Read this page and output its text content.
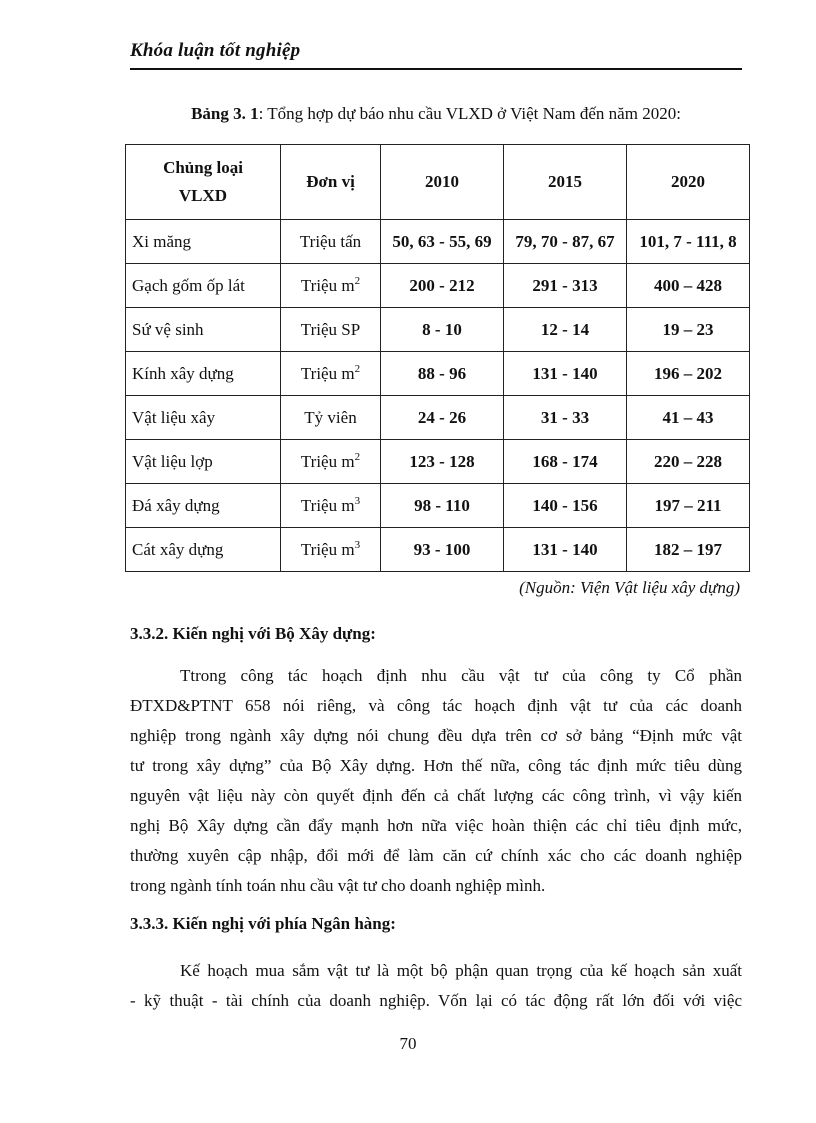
Khóa luận tốt nghiệp
Bảng 3. 1: Tổng hợp dự báo nhu cầu VLXD ở Việt Nam đến năm 2020:
Chủng loại VLXD	Đơn vị	2010	2015	2020
Xi măng	Triệu tấn	50, 63 - 55, 69	79, 70 - 87, 67	101, 7 - 111, 8
Gạch gốm ốp lát	Triệu $m^2$	200 - 212	291 - 313	400 – 428
Sứ vệ sinh	Triệu SP	8 - 10	12 - 14	19 – 23
Kính xây dựng	Triệu $m^2$	88 - 96	131 - 140	196 – 202
Vật liệu xây	Tỷ viên	24 - 26	31 - 33	41 – 43
Vật liệu lợp	Triệu $m^2$	123 - 128	168 - 174	220 – 228
Đá xây dựng	Triệu $m^3$	98 - 110	140 - 156	197 – 211
Cát xây dựng	Triệu $m^3$	93 - 100	131 - 140	182 – 197
(Nguồn: Viện Vật liệu xây dựng)
3.3.2. Kiến nghị với Bộ Xây dựng:
Ttrong công tác hoạch định nhu cầu vật tư của công ty Cổ phần
ĐTXD&PTNT 658 nói riêng, và công tác hoạch định vật tư của các doanh
nghiệp trong ngành xây dựng nói chung đều dựa trên cơ sở bảng “Định mức vật
tư trong xây dựng” của Bộ Xây dựng. Hơn thế nữa, công tác định mức tiêu dùng
nguyên vật liệu này còn quyết định đến cả chất lượng các công trình, vì vậy kiến
nghị Bộ Xây dựng cần đẩy mạnh hơn nữa việc hoàn thiện các chỉ tiêu định mức,
thường xuyên cập nhập, đổi mới để làm căn cứ chính xác cho các doanh nghiệp
trong ngành tính toán nhu cầu vật tư cho doanh nghiệp mình.
3.3.3. Kiến nghị với phía Ngân hàng:
Kế hoạch mua sắm vật tư là một bộ phận quan trọng của kế hoạch sản xuất
- kỹ thuật - tài chính của doanh nghiệp. Vốn lại có tác động rất lớn đối với việc
70
